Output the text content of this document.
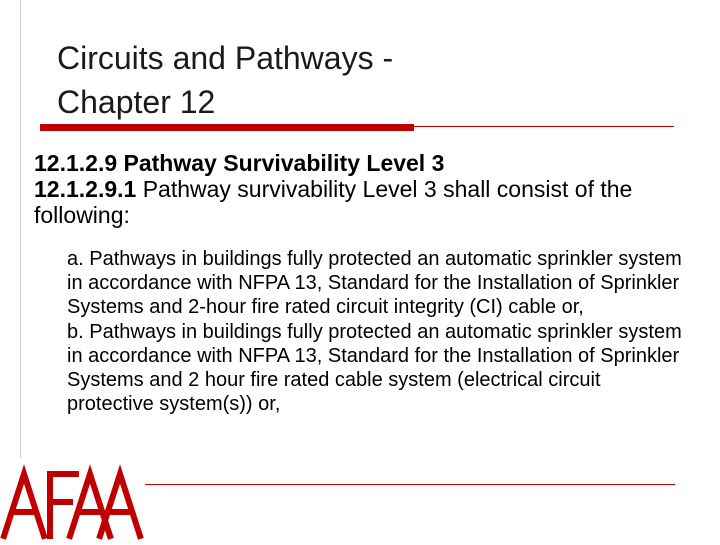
Circuits and Pathways -
Chapter 12
12.1.2.9 Pathway Survivability Level 3
12.1.2.9.1 Pathway survivability Level 3 shall consist of the following:

a. Pathways in buildings fully protected an automatic sprinkler system in accordance with NFPA 13, Standard for the Installation of Sprinkler Systems and 2-hour fire rated circuit integrity (CI) cable or,

b. Pathways in buildings fully protected an automatic sprinkler system in accordance with NFPA 13, Standard for the Installation of Sprinkler Systems and 2 hour fire rated cable system (electrical circuit protective system(s)) or,
